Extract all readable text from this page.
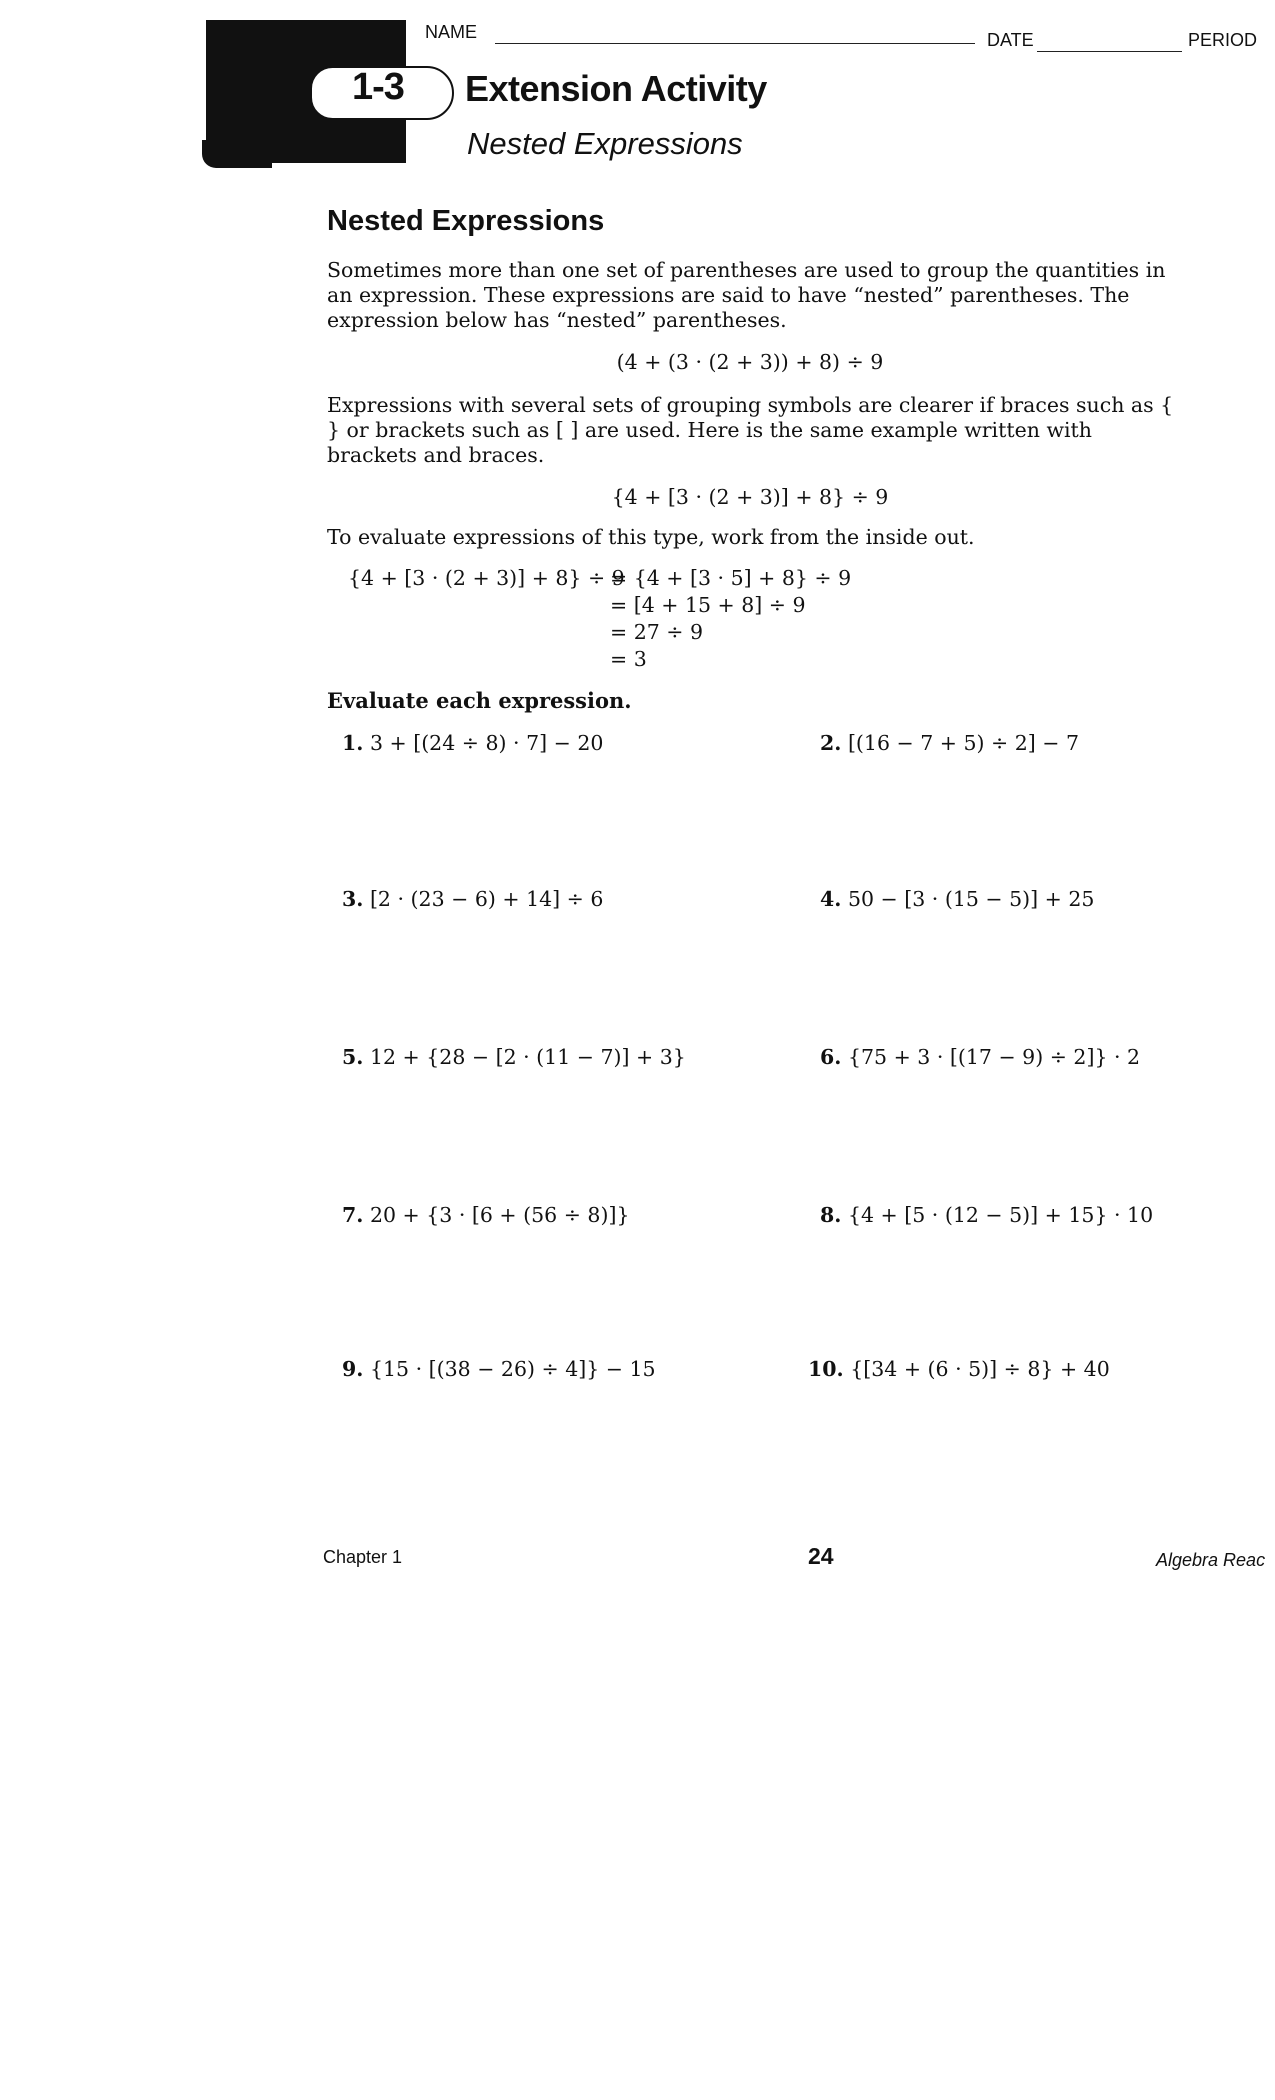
1-3
NAME	DATE	PERIOD
Extension Activity
Nested Expressions
Nested Expressions

Sometimes more than one set of parentheses are used to group the quantities in an expression. These expressions are said to have “nested” parentheses. The expression below has “nested” parentheses.

(4 + (3 · (2 + 3)) + 8) ÷ 9

Expressions with several sets of grouping symbols are clearer if braces such as { } or brackets such as [ ] are used. Here is the same example written with brackets and braces.

{4 + [3 · (2 + 3)] + 8} ÷ 9

To evaluate expressions of this type, work from the inside out.

{4 + [3 · (2 + 3)] + 8} ÷ 9
= {4 + [3 · 5] + 8} ÷ 9
= [4 + 15 + 8] ÷ 9
= 27 ÷ 9
= 3
Evaluate each expression.
1. 3 + [(24 ÷ 8) · 7] − 20	2. [(16 − 7 + 5) ÷ 2] − 7
3. [2 · (23 − 6) + 14] ÷ 6	4. 50 − [3 · (15 − 5)] + 25
5. 12 + {28 − [2 · (11 − 7)] + 3}	6. {75 + 3 · [(17 − 9) ÷ 2]} · 2
7. 20 + {3 · [6 + (56 ÷ 8)]}	8. {4 + [5 · (12 − 5)] + 15} · 10
9. {15 · [(38 − 26) ÷ 4]} − 15	10. {[34 + (6 · 5)] ÷ 8} + 40
Chapter 1	24	Algebra Reac
